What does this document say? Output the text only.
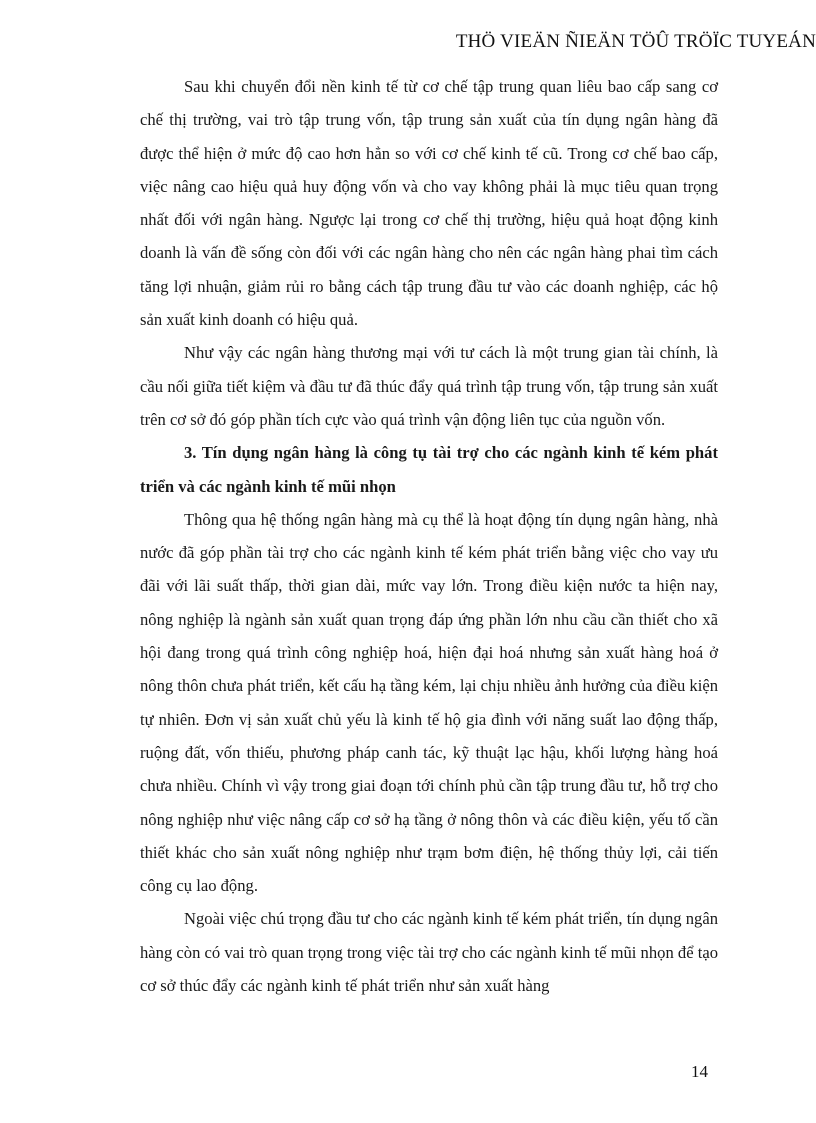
THÖ VIEÄN ÑIEÄN TÖÛ TRÖÏC TUYEÁN

Sau khi chuyển đổi nền kinh tế từ cơ chế tập trung quan liêu bao cấp sang cơ chế thị trường, vai trò tập trung vốn, tập trung sản xuất của tín dụng ngân hàng đã được thể hiện ở mức độ cao hơn hẳn so với cơ chế kinh tế cũ. Trong cơ chế bao cấp, việc nâng cao hiệu quả huy động vốn và cho vay không phải là mục tiêu quan trọng nhất đối với ngân hàng. Ngược lại trong cơ chế thị trường, hiệu quả hoạt động kinh doanh là vấn đề sống còn đối với các ngân hàng cho nên các ngân hàng phai tìm cách tăng lợi nhuận, giảm rủi ro bằng cách tập trung đầu tư vào các doanh nghiệp, các hộ sản xuất kinh doanh có hiệu quả.

Như vậy các ngân hàng thương mại với tư cách là một trung gian tài chính, là cầu nối giữa tiết kiệm và đầu tư đã thúc đẩy quá trình tập trung vốn, tập trung sản xuất trên cơ sở đó góp phần tích cực vào quá trình vận động liên tục của nguồn vốn.

3. Tín dụng ngân hàng là công tụ tài trợ cho các ngành kinh tế kém phát triển và các ngành kinh tế mũi nhọn

Thông qua hệ thống ngân hàng mà cụ thể là hoạt động tín dụng ngân hàng, nhà nước đã góp phần tài trợ cho các ngành kinh tế kém phát triển bằng việc cho vay ưu đãi với lãi suất thấp, thời gian dài, mức vay lớn. Trong điều kiện nước ta hiện nay, nông nghiệp là ngành sản xuất quan trọng đáp ứng phần lớn nhu cầu cần thiết cho xã hội đang trong quá trình công nghiệp hoá, hiện đại hoá nhưng sản xuất hàng hoá ở nông thôn chưa phát triển, kết cấu hạ tầng kém, lại chịu nhiều ảnh hưởng của điều kiện tự nhiên. Đơn vị sản xuất chủ yếu là kinh tế hộ gia đình với năng suất lao động thấp, ruộng đất, vốn thiếu, phương pháp canh tác, kỹ thuật lạc hậu, khối lượng hàng hoá chưa nhiều. Chính vì vậy trong giai đoạn tới chính phủ cần tập trung đầu tư, hỗ trợ cho nông nghiệp như việc nâng cấp cơ sở hạ tầng ở nông thôn và các điều kiện, yếu tố cần thiết khác cho sản xuất nông nghiệp như trạm bơm điện, hệ thống thủy lợi, cải tiến công cụ lao động.

Ngoài việc chú trọng đầu tư cho các ngành kinh tế kém phát triển, tín dụng ngân hàng còn có vai trò quan trọng trong việc tài trợ cho các ngành kinh tế mũi nhọn để tạo cơ sở thúc đẩy các ngành kinh tế phát triển như sản xuất hàng

14
